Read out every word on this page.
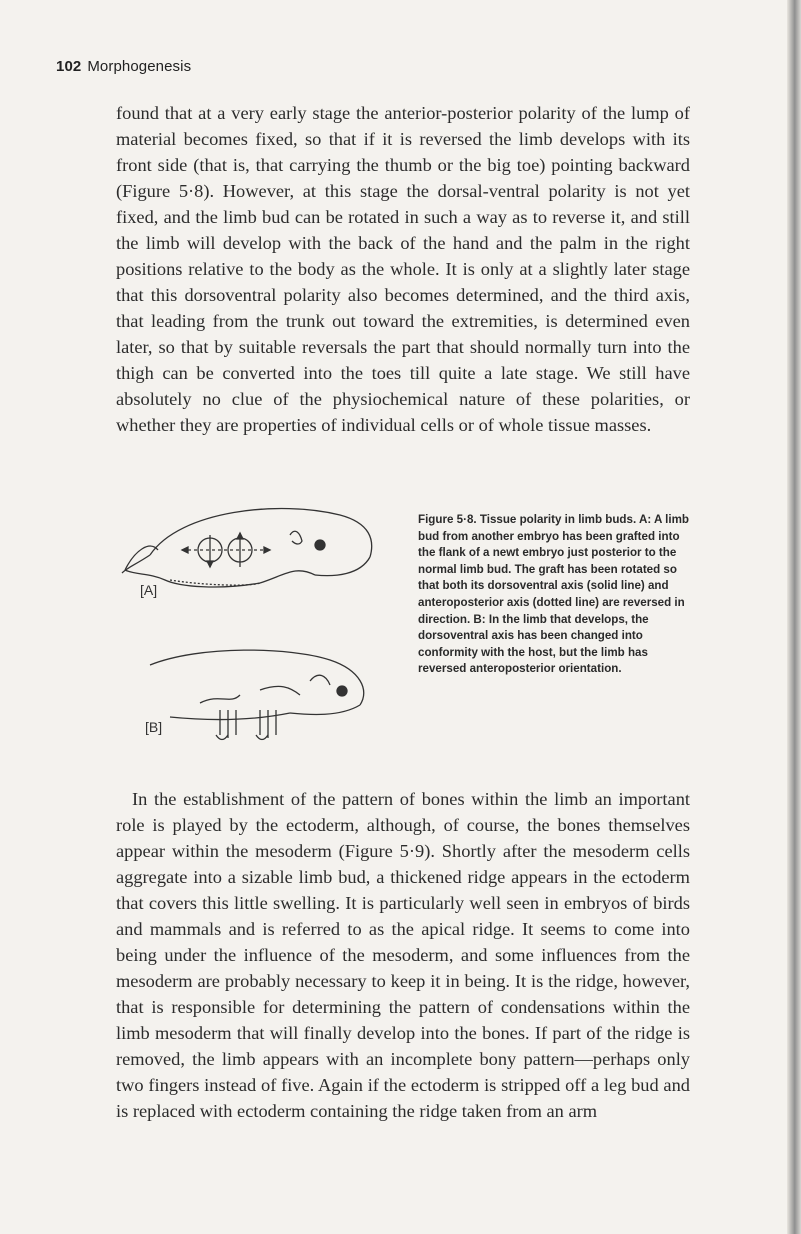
102 Morphogenesis

found that at a very early stage the anterior-posterior polarity of the lump of material becomes fixed, so that if it is reversed the limb develops with its front side (that is, that carrying the thumb or the big toe) pointing backward (Figure 5·8). However, at this stage the dorsal-ventral polarity is not yet fixed, and the limb bud can be rotated in such a way as to reverse it, and still the limb will develop with the back of the hand and the palm in the right positions relative to the body as the whole. It is only at a slightly later stage that this dorsoventral polarity also becomes determined, and the third axis, that leading from the trunk out toward the extremities, is determined even later, so that by suitable reversals the part that should normally turn into the thigh can be converted into the toes till quite a late stage. We still have absolutely no clue of the physiochemical nature of these polarities, or whether they are properties of individual cells or of whole tissue masses.

[A]
[B]

Figure 5·8. Tissue polarity in limb buds. A: A limb bud from another embryo has been grafted into the flank of a newt embryo just posterior to the normal limb bud. The graft has been rotated so that both its dorsoventral axis (solid line) and anteroposterior axis (dotted line) are reversed in direction. B: In the limb that develops, the dorsoventral axis has been changed into conformity with the host, but the limb has reversed anteroposterior orientation.

In the establishment of the pattern of bones within the limb an important role is played by the ectoderm, although, of course, the bones themselves appear within the mesoderm (Figure 5·9). Shortly after the mesoderm cells aggregate into a sizable limb bud, a thickened ridge appears in the ectoderm that covers this little swelling. It is particularly well seen in embryos of birds and mammals and is referred to as the apical ridge. It seems to come into being under the influence of the mesoderm, and some influences from the mesoderm are probably necessary to keep it in being. It is the ridge, however, that is responsible for determining the pattern of condensations within the limb mesoderm that will finally develop into the bones. If part of the ridge is removed, the limb appears with an incomplete bony pattern—perhaps only two fingers instead of five. Again if the ectoderm is stripped off a leg bud and is replaced with ectoderm containing the ridge taken from an arm
